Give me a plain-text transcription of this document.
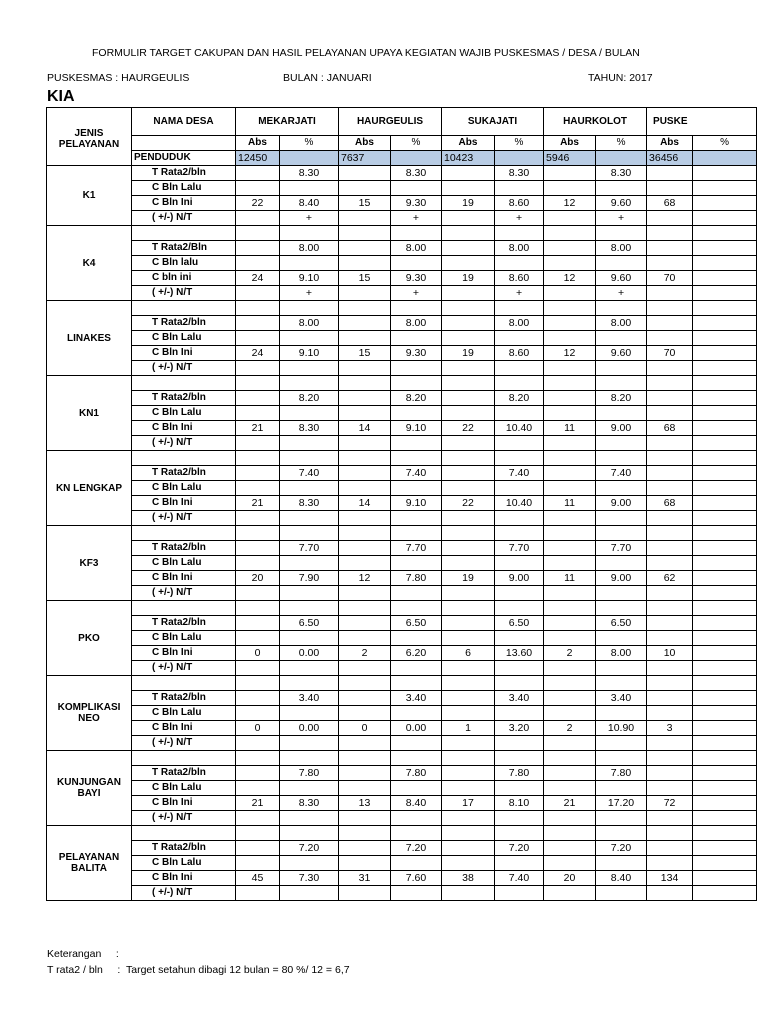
FORMULIR TARGET CAKUPAN DAN HASIL PELAYANAN UPAYA KEGIATAN WAJIB PUSKESMAS / DESA / BULAN
PUSKESMAS : HAURGEULIS	BULAN : JANUARI	TAHUN: 2017
KIA
JENIS PELAYANAN	NAMA DESA	MEKARJATI		HAURGEULIS		SUKAJATI		HAURKOLOT		PUSKE	
		Abs	%	Abs	%	Abs	%	Abs	%	Abs	%
	PENDUDUK	12450		7637		10423		5946		36456	
K1	T Rata2/bln		8.30		8.30		8.30		8.30		
	C Bln Lalu										
	C Bln Ini	22	8.40	15	9.30	19	8.60	12	9.60	68	
	( +/-) N/T		+		+		+		+		
K4											
	T Rata2/Bln		8.00		8.00		8.00		8.00		
	C Bln lalu										
	C bln ini	24	9.10	15	9.30	19	8.60	12	9.60	70	
	( +/-) N/T		+		+		+		+		
LINAKES											
	T Rata2/bln		8.00		8.00		8.00		8.00		
	C Bln Lalu										
	C Bln Ini	24	9.10	15	9.30	19	8.60	12	9.60	70	
	( +/-) N/T										
KN1											
	T Rata2/bln		8.20		8.20		8.20		8.20		
	C Bln Lalu										
	C Bln Ini	21	8.30	14	9.10	22	10.40	11	9.00	68	
	( +/-) N/T										
KN LENGKAP											
	T Rata2/bln		7.40		7.40		7.40		7.40		
	C Bln Lalu										
	C Bln Ini	21	8.30	14	9.10	22	10.40	11	9.00	68	
	( +/-) N/T										
KF3											
	T Rata2/bln		7.70		7.70		7.70		7.70		
	C Bln Lalu										
	C Bln Ini	20	7.90	12	7.80	19	9.00	11	9.00	62	
	( +/-) N/T										
PKO											
	T Rata2/bln		6.50		6.50		6.50		6.50		
	C Bln Lalu										
	C Bln Ini	0	0.00	2	6.20	6	13.60	2	8.00	10	
	( +/-) N/T										
KOMPLIKASI NEO											
	T Rata2/bln		3.40		3.40		3.40		3.40		
	C Bln Lalu										
	C Bln Ini	0	0.00	0	0.00	1	3.20	2	10.90	3	
	( +/-) N/T										
KUNJUNGAN BAYI											
	T Rata2/bln		7.80		7.80		7.80		7.80		
	C Bln Lalu										
	C Bln Ini	21	8.30	13	8.40	17	8.10	21	17.20	72	
	( +/-) N/T										
PELAYANAN BALITA											
	T Rata2/bln		7.20		7.20		7.20		7.20		
	C Bln Lalu										
	C Bln Ini	45	7.30	31	7.60	38	7.40	20	8.40	134	
	( +/-) N/T										
Keterangan     :
T rata2 / bln     :  Target setahun dibagi 12 bulan = 80 %/ 12 = 6,7
